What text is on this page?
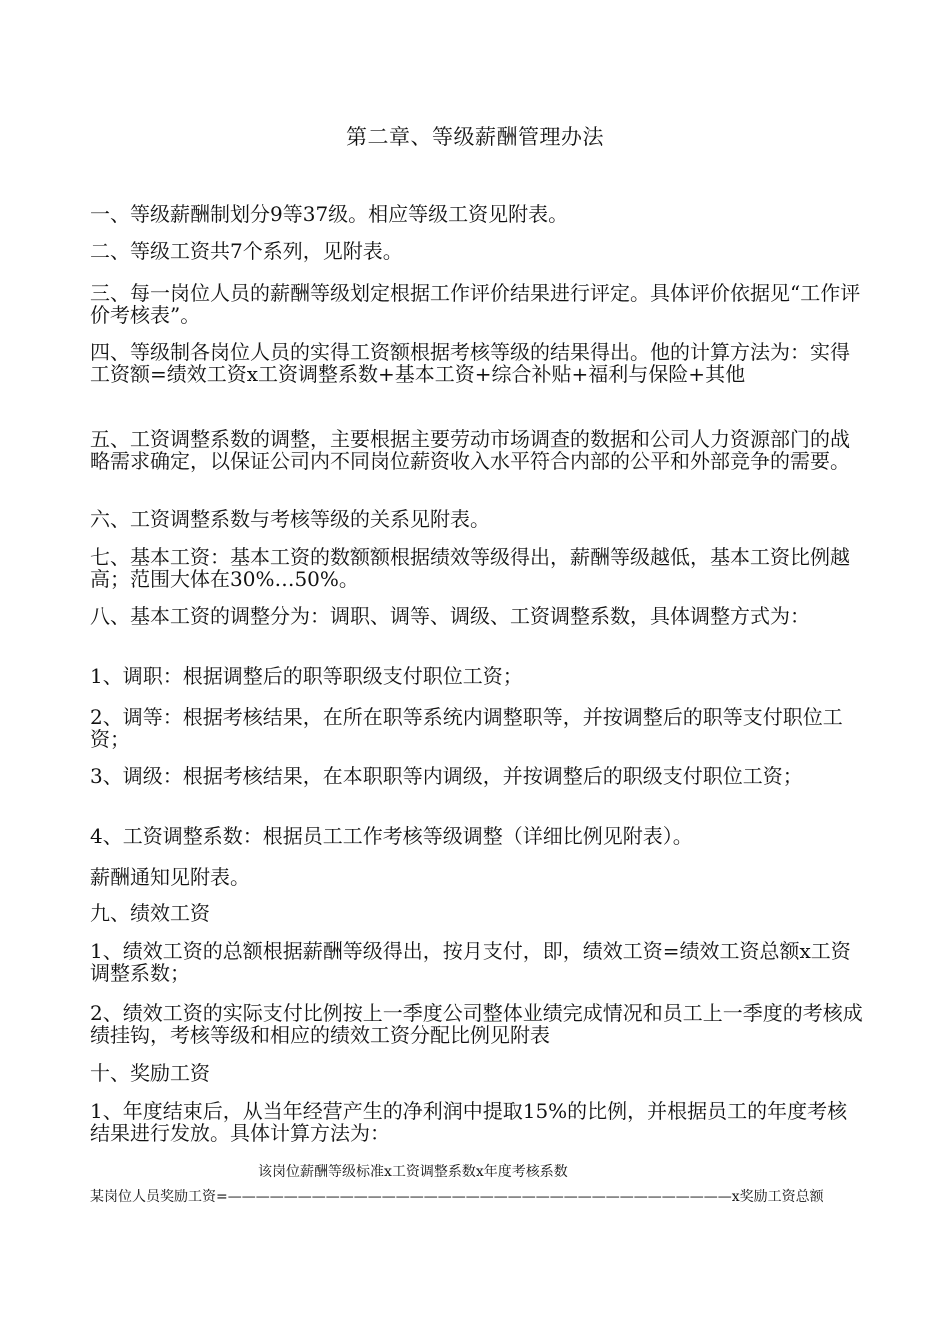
第二章、等级薪酬管理办法

一、等级薪酬制划分9等37级。相应等级工资见附表。

二、等级工资共7个系列，见附表。

三、每一岗位人员的薪酬等级划定根据工作评价结果进行评定。具体评价依据见“工作评价考核表”。

四、等级制各岗位人员的实得工资额根据考核等级的结果得出。他的计算方法为：实得工资额=绩效工资x工资调整系数+基本工资+综合补贴+福利与保险+其他

五、工资调整系数的调整，主要根据主要劳动市场调查的数据和公司人力资源部门的战略需求确定，以保证公司内不同岗位薪资收入水平符合内部的公平和外部竞争的需要。

六、工资调整系数与考核等级的关系见附表。

七、基本工资：基本工资的数额额根据绩效等级得出，薪酬等级越低，基本工资比例越高；范围大体在30%…50%。

八、基本工资的调整分为：调职、调等、调级、工资调整系数，具体调整方式为：

1、调职：根据调整后的职等职级支付职位工资；

2、调等：根据考核结果，在所在职等系统内调整职等，并按调整后的职等支付职位工资；

3、调级：根据考核结果，在本职职等内调级，并按调整后的职级支付职位工资；

4、工资调整系数：根据员工工作考核等级调整（详细比例见附表）。

薪酬通知见附表。

九、绩效工资

1、绩效工资的总额根据薪酬等级得出，按月支付，即，绩效工资=绩效工资总额x工资调整系数；

2、绩效工资的实际支付比例按上一季度公司整体业绩完成情况和员工上一季度的考核成绩挂钩，考核等级和相应的绩效工资分配比例见附表

十、奖励工资

1、年度结束后，从当年经营产生的净利润中提取15%的比例，并根据员工的年度考核结果进行发放。具体计算方法为：

该岗位薪酬等级标准x工资调整系数x年度考核系数
某岗位人员奖励工资=————————————————————————————————————x奖励工资总额
